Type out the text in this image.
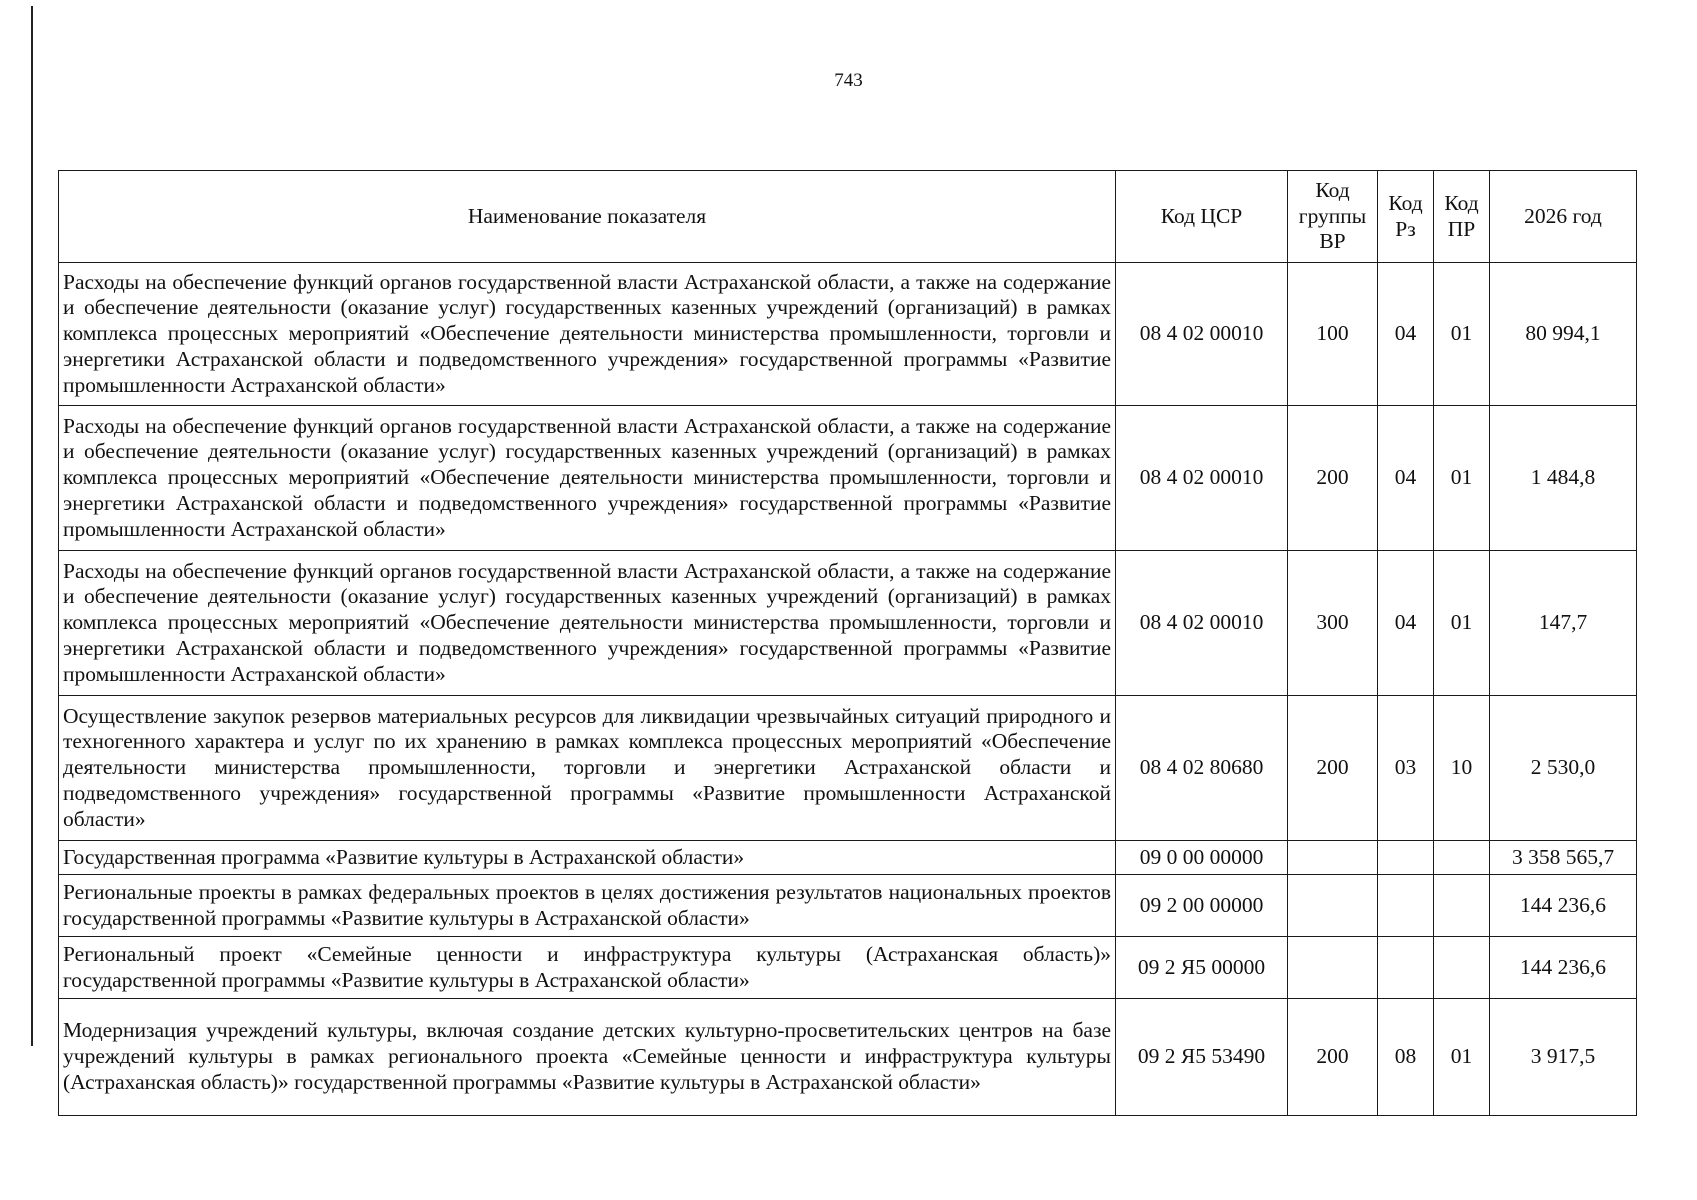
743
Наименование показателя	Код ЦСР	Код группы ВР	Код Рз	Код ПР	2026 год
Расходы на обеспечение функций органов государственной власти Астраханской области, а также на содержание и обеспечение деятельности (оказание услуг) государственных казенных учреждений (организаций) в рамках комплекса процессных мероприятий «Обеспечение деятельности министерства промышленности, торговли и энергетики Астраханской области и подведомственного учреждения» государственной программы «Развитие промышленности Астраханской области»	08 4 02 00010	100	04	01	80 994,1
Расходы на обеспечение функций органов государственной власти Астраханской области, а также на содержание и обеспечение деятельности (оказание услуг) государственных казенных учреждений (организаций) в рамках комплекса процессных мероприятий «Обеспечение деятельности министерства промышленности, торговли и энергетики Астраханской области и подведомственного учреждения» государственной программы «Развитие промышленности Астраханской области»	08 4 02 00010	200	04	01	1 484,8
Расходы на обеспечение функций органов государственной власти Астраханской области, а также на содержание и обеспечение деятельности (оказание услуг) государственных казенных учреждений (организаций) в рамках комплекса процессных мероприятий «Обеспечение деятельности министерства промышленности, торговли и энергетики Астраханской области и подведомственного учреждения» государственной программы «Развитие промышленности Астраханской области»	08 4 02 00010	300	04	01	147,7
Осуществление закупок резервов материальных ресурсов для ликвидации чрезвычайных ситуаций природного и техногенного характера и услуг по их хранению в рамках комплекса процессных мероприятий «Обеспечение деятельности министерства промышленности, торговли и энергетики Астраханской области и подведомственного учреждения» государственной программы «Развитие промышленности Астраханской области»	08 4 02 80680	200	03	10	2 530,0
Государственная программа «Развитие культуры в Астраханской области»	09 0 00 00000				3 358 565,7
Региональные проекты в рамках федеральных проектов в целях достижения результатов национальных проектов государственной программы «Развитие культуры в Астраханской области»	09 2 00 00000				144 236,6
Региональный проект «Семейные ценности и инфраструктура культуры (Астраханская область)» государственной программы «Развитие культуры в Астраханской области»	09 2 Я5 00000				144 236,6
Модернизация учреждений культуры, включая создание детских культурно-просветительских центров на базе учреждений культуры в рамках регионального проекта «Семейные ценности и инфраструктура культуры (Астраханская область)» государственной программы «Развитие культуры в Астраханской области»	09 2 Я5 53490	200	08	01	3 917,5
